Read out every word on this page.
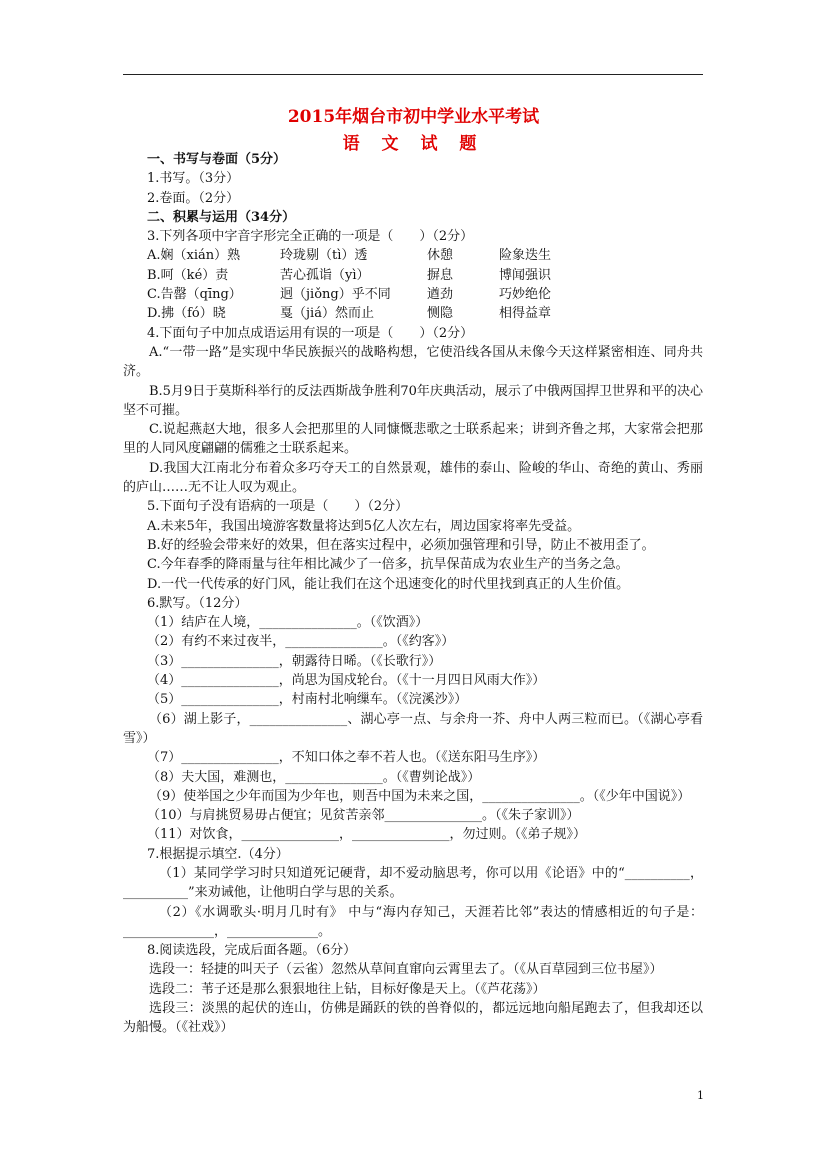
2015年烟台市初中学业水平考试
语 文 试 题
一、书写与卷面（5分）
1.书写。（3分）
2.卷面。（2分）
二、积累与运用（34分）
3.下列各项中字音字形完全正确的一项是（　　）（2分）
A.娴（xián）熟	玲珑剔（tì）透	休憩	险象迭生
B.呵（ké）责	苦心孤诣（yì）	摒息	博闻强识
C.告罄（qīng）	迥（jiǒng）乎不同	遒劲	巧妙绝伦
D.拂（fó）晓	戛（jiá）然而止	恻隐	相得益章
4.下面句子中加点成语运用有误的一项是（　　）（2分）
A.“一带一路”是实现中华民族振兴的战略构想，它使沿线各国从未像今天这样紧密相连、同舟共济。
B.5月9日于莫斯科举行的反法西斯战争胜利70年庆典活动，展示了中俄两国捍卫世界和平的决心坚不可摧。
C.说起燕赵大地，很多人会把那里的人同慷慨悲歌之士联系起来；讲到齐鲁之邦，大家常会把那里的人同风度翩翩的儒雅之士联系起来。
D.我国大江南北分布着众多巧夺天工的自然景观，雄伟的泰山、险峻的华山、奇绝的黄山、秀丽的庐山……无不让人叹为观止。
5.下面句子没有语病的一项是（　　）（2分）
A.未来5年，我国出境游客数量将达到5亿人次左右，周边国家将率先受益。
B.好的经验会带来好的效果，但在落实过程中，必须加强管理和引导，防止不被用歪了。
C.今年春季的降雨量与往年相比减少了一倍多，抗旱保苗成为农业生产的当务之急。
D.一代一代传承的好门风，能让我们在这个迅速变化的时代里找到真正的人生价值。
6.默写。（12分）
（1）结庐在人境，_______________。（《饮酒》）
（2）有约不来过夜半，_______________。（《约客》）
（3）_______________，朝露待日晞。（《长歌行》）
（4）_______________，尚思为国戍轮台。（《十一月四日风雨大作》）
（5）_______________，村南村北响缫车。（《浣溪沙》）
（6）湖上影子，_______________、湖心亭一点、与余舟一芥、舟中人两三粒而已。（《湖心亭看雪》）
（7）_______________，不知口体之奉不若人也。（《送东阳马生序》）
（8）夫大国，难测也，_______________。（《曹刿论战》）
（9）使举国之少年而国为少年也，则吾中国为未来之国，_______________。（《少年中国说》）
（10）与肩挑贸易毋占便宜；见贫苦亲邻_______________。（《朱子家训》）
（11）对饮食，_______________，_______________，勿过则。（《弟子规》）
7.根据提示填空.（4分）
（1）某同学学习时只知道死记硬背，却不爱动脑思考，你可以用《论语》中的“__________，__________”来劝诫他，让他明白学与思的关系。
（2）《水调歌头·明月几时有》 中与“海内存知己，天涯若比邻”表达的情感相近的句子是：______________，______________。
8.阅读选段，完成后面各题。（6分）
选段一：轻捷的叫天子（云雀）忽然从草间直窜向云霄里去了。（《从百草园到三位书屋》）
选段二：苇子还是那么狠狠地往上钻，目标好像是天上。（《芦花荡》）
选段三：淡黑的起伏的连山，仿佛是踊跃的铁的兽脊似的，都远远地向船尾跑去了，但我却还以为船慢。（《社戏》）
1
